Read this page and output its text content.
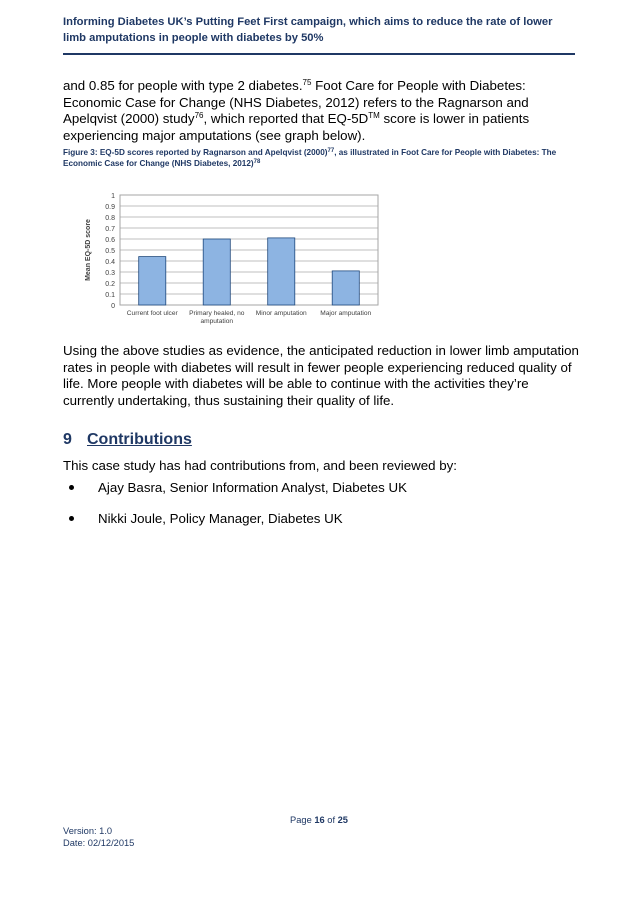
Informing Diabetes UK’s Putting Feet First campaign, which aims to reduce the rate of lower limb amputations in people with diabetes by 50%

and 0.85 for people with type 2 diabetes.$^{75}$ Foot Care for People with Diabetes: Economic Case for Change (NHS Diabetes, 2012) refers to the Ragnarson and Apelqvist (2000) study$^{76}$, which reported that EQ-5D™ score is lower in patients experiencing major amputations (see graph below).

Figure 3: EQ-5D scores reported by Ragnarson and Apelqvist $(2000)^{77}$, as illustrated in Foot Care for People with Diabetes: The Economic Case for Change (NHS Diabetes, 2012)$^{78}$
0
0.1
0.2
0.3
0.4
0.5
0.6
0.7
0.8
0.9
1
Mean EQ-5D score
Current foot ulcer Primary healed, no
amputation
Minor amputation Major amputation

Using the above studies as evidence, the anticipated reduction in lower limb amputation rates in people with diabetes will result in fewer people experiencing reduced quality of life. More people with diabetes will be able to continue with the activities they’re currently undertaking, thus sustaining their quality of life.

9 Contributions
This case study has had contributions from, and been reviewed by:
Ajay Basra, Senior Information Analyst, Diabetes UK
Nikki Joule, Policy Manager, Diabetes UK
Page 16 of 25
Version: 1.0
Date: 02/12/2015
